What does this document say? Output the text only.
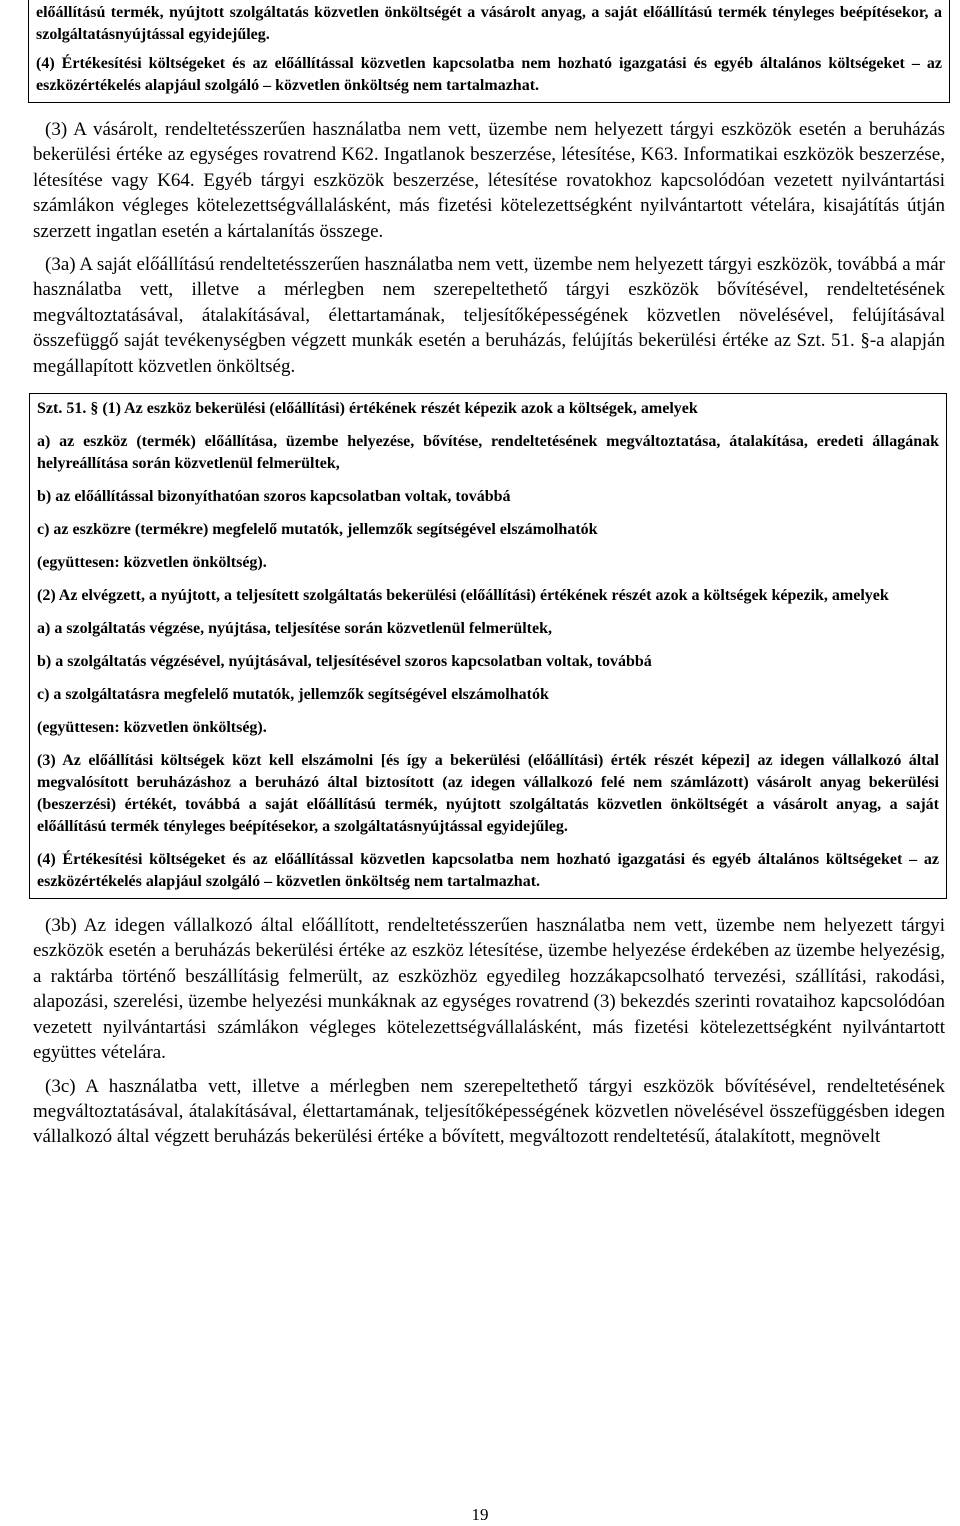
előállítású termék, nyújtott szolgáltatás közvetlen önköltségét a vásárolt anyag, a saját előállítású termék tényleges beépítésekor, a szolgáltatásnyújtással egyidejűleg.

(4) Értékesítési költségeket és az előállítással közvetlen kapcsolatba nem hozható igazgatási és egyéb általános költségeket – az eszközértékelés alapjául szolgáló – közvetlen önköltség nem tartalmazhat.

(3) A vásárolt, rendeltetésszerűen használatba nem vett, üzembe nem helyezett tárgyi eszközök esetén a beruházás bekerülési értéke az egységes rovatrend K62. Ingatlanok beszerzése, létesítése, K63. Informatikai eszközök beszerzése, létesítése vagy K64. Egyéb tárgyi eszközök beszerzése, létesítése rovatokhoz kapcsolódóan vezetett nyilvántartási számlákon végleges kötelezettségvállalásként, más fizetési kötelezettségként nyilvántartott vételára, kisajátítás útján szerzett ingatlan esetén a kártalanítás összege.

(3a) A saját előállítású rendeltetésszerűen használatba nem vett, üzembe nem helyezett tárgyi eszközök, továbbá a már használatba vett, illetve a mérlegben nem szerepeltethető tárgyi eszközök bővítésével, rendeltetésének megváltoztatásával, átalakításával, élettartamának, teljesítőképességének közvetlen növelésével, felújításával összefüggő saját tevékenységben végzett munkák esetén a beruházás, felújítás bekerülési értéke az Szt. 51. §-a alapján megállapított közvetlen önköltség.

Szt. 51. § (1) Az eszköz bekerülési (előállítási) értékének részét képezik azok a költségek, amelyek

a) az eszköz (termék) előállítása, üzembe helyezése, bővítése, rendeltetésének megváltoztatása, átalakítása, eredeti állagának helyreállítása során közvetlenül felmerültek,

b) az előállítással bizonyíthatóan szoros kapcsolatban voltak, továbbá

c) az eszközre (termékre) megfelelő mutatók, jellemzők segítségével elszámolhatók

(együttesen: közvetlen önköltség).

(2) Az elvégzett, a nyújtott, a teljesített szolgáltatás bekerülési (előállítási) értékének részét azok a költségek képezik, amelyek

a) a szolgáltatás végzése, nyújtása, teljesítése során közvetlenül felmerültek,

b) a szolgáltatás végzésével, nyújtásával, teljesítésével szoros kapcsolatban voltak, továbbá

c) a szolgáltatásra megfelelő mutatók, jellemzők segítségével elszámolhatók

(együttesen: közvetlen önköltség).

(3) Az előállítási költségek közt kell elszámolni [és így a bekerülési (előállítási) érték részét képezi] az idegen vállalkozó által megvalósított beruházáshoz a beruházó által biztosított (az idegen vállalkozó felé nem számlázott) vásárolt anyag bekerülési (beszerzési) értékét, továbbá a saját előállítású termék, nyújtott szolgáltatás közvetlen önköltségét a vásárolt anyag, a saját előállítású termék tényleges beépítésekor, a szolgáltatásnyújtással egyidejűleg.

(4) Értékesítési költségeket és az előállítással közvetlen kapcsolatba nem hozható igazgatási és egyéb általános költségeket – az eszközértékelés alapjául szolgáló – közvetlen önköltség nem tartalmazhat.

(3b) Az idegen vállalkozó által előállított, rendeltetésszerűen használatba nem vett, üzembe nem helyezett tárgyi eszközök esetén a beruházás bekerülési értéke az eszköz létesítése, üzembe helyezése érdekében az üzembe helyezésig, a raktárba történő beszállításig felmerült, az eszközhöz egyedileg hozzákapcsolható tervezési, szállítási, rakodási, alapozási, szerelési, üzembe helyezési munkáknak az egységes rovatrend (3) bekezdés szerinti rovataihoz kapcsolódóan vezetett nyilvántartási számlákon végleges kötelezettségvállalásként, más fizetési kötelezettségként nyilvántartott együttes vételára.

(3c) A használatba vett, illetve a mérlegben nem szerepeltethető tárgyi eszközök bővítésével, rendeltetésének megváltoztatásával, átalakításával, élettartamának, teljesítőképességének közvetlen növelésével összefüggésben idegen vállalkozó által végzett beruházás bekerülési értéke a bővített, megváltozott rendeltetésű, átalakított, megnövelt

19
